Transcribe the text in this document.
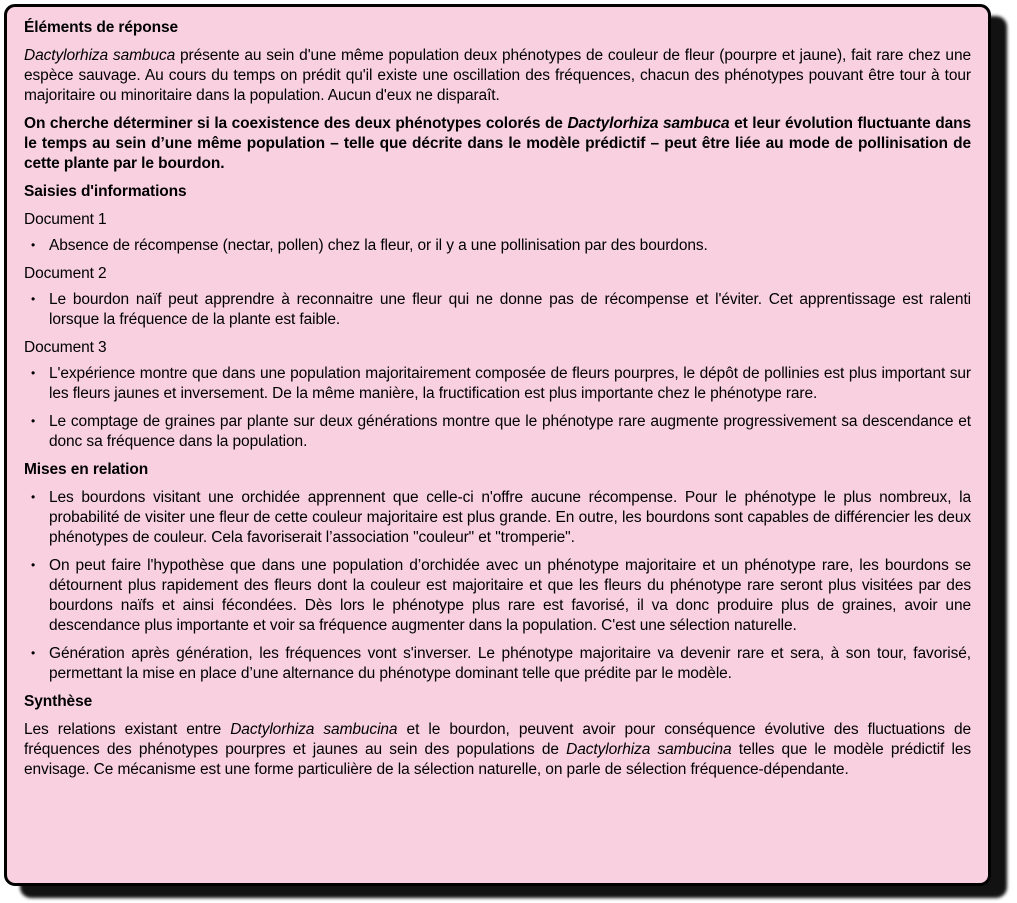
Éléments de réponse
Dactylorhiza sambuca présente au sein d'une même population deux phénotypes de couleur de fleur (pourpre et jaune), fait rare chez une espèce sauvage. Au cours du temps on prédit qu'il existe une oscillation des fréquences, chacun des phénotypes pouvant être tour à tour majoritaire ou minoritaire dans la population. Aucun d'eux ne disparaît.
On cherche déterminer si la coexistence des deux phénotypes colorés de Dactylorhiza sambuca et leur évolution fluctuante dans le temps au sein d’une même population – telle que décrite dans le modèle prédictif – peut être liée au mode de pollinisation de cette plante par le bourdon.
Saisies d'informations
Document 1
• Absence de récompense (nectar, pollen) chez la fleur, or il y a une pollinisation par des bourdons.
Document 2
• Le bourdon naïf peut apprendre à reconnaitre une fleur qui ne donne pas de récompense et l'éviter. Cet apprentissage est ralenti lorsque la fréquence de la plante est faible.
Document 3
• L'expérience montre que dans une population majoritairement composée de fleurs pourpres, le dépôt de pollinies est plus important sur les fleurs jaunes et inversement. De la même manière, la fructification est plus importante chez le phénotype rare.
• Le comptage de graines par plante sur deux générations montre que le phénotype rare augmente progressivement sa descendance et donc sa fréquence dans la population.
Mises en relation
• Les bourdons visitant une orchidée apprennent que celle-ci n'offre aucune récompense. Pour le phénotype le plus nombreux, la probabilité de visiter une fleur de cette couleur majoritaire est plus grande. En outre, les bourdons sont capables de différencier les deux phénotypes de couleur. Cela favoriserait l’association "couleur" et "tromperie".
• On peut faire l'hypothèse que dans une population d’orchidée avec un phénotype majoritaire et un phénotype rare, les bourdons se détournent plus rapidement des fleurs dont la couleur est majoritaire et que les fleurs du phénotype rare seront plus visitées par des bourdons naïfs et ainsi fécondées. Dès lors le phénotype plus rare est favorisé, il va donc produire plus de graines, avoir une descendance plus importante et voir sa fréquence augmenter dans la population. C'est une sélection naturelle.
• Génération après génération, les fréquences vont s'inverser. Le phénotype majoritaire va devenir rare et sera, à son tour, favorisé, permettant la mise en place d’une alternance du phénotype dominant telle que prédite par le modèle.
Synthèse
Les relations existant entre Dactylorhiza sambucina et le bourdon, peuvent avoir pour conséquence évolutive des fluctuations de fréquences des phénotypes pourpres et jaunes au sein des populations de Dactylorhiza sambucina telles que le modèle prédictif les envisage. Ce mécanisme est une forme particulière de la sélection naturelle, on parle de sélection fréquence-dépendante.
